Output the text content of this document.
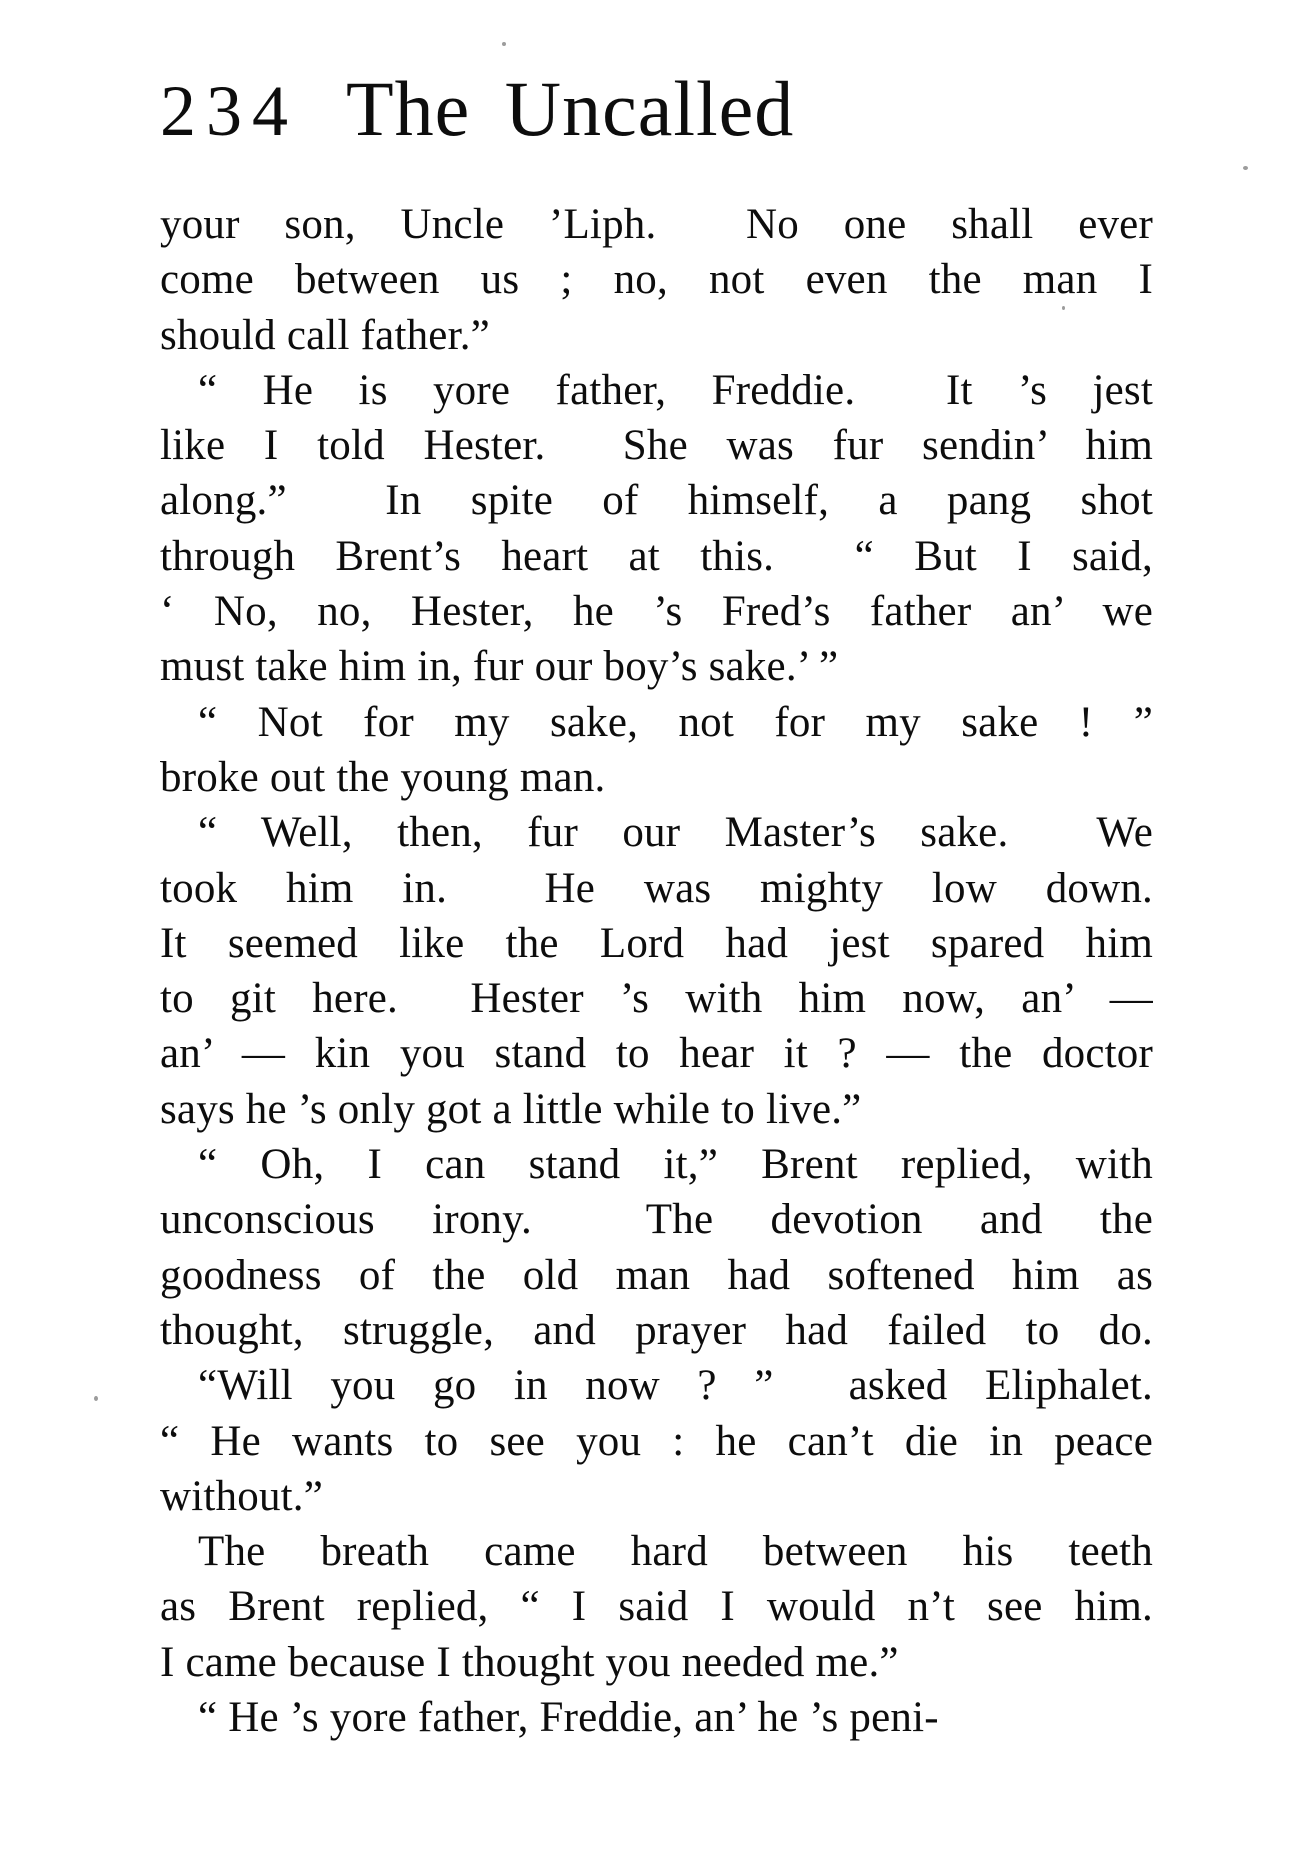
234 The Uncalled
your son, Uncle ’Liph.  No one shall ever
come between us ; no, not even the man I
should call father.”
“ He is yore father, Freddie.  It ’s jest
like I told Hester.  She was fur sendin’ him
along.”  In spite of himself, a pang shot
through Brent’s heart at this.  “ But I said,
‘ No, no, Hester, he ’s Fred’s father an’ we
must take him in, fur our boy’s sake.’ ”
“ Not for my sake, not for my sake ! ”
broke out the young man.
“ Well, then, fur our Master’s sake.  We
took him in.  He was mighty low down.
It seemed like the Lord had jest spared him
to git here.  Hester ’s with him now, an’ —
an’ — kin you stand to hear it ? — the doctor
says he ’s only got a little while to live.”
“ Oh, I can stand it,” Brent replied, with
unconscious irony.  The devotion and the
goodness of the old man had softened him as
thought, struggle, and prayer had failed to do.
“Will you go in now ? ”  asked Eliphalet.
“ He wants to see you : he can’t die in peace
without.”
The breath came hard between his teeth
as Brent replied, “ I said I would n’t see him.
I came because I thought you needed me.”
“ He ’s yore father, Freddie, an’ he ’s peni-
